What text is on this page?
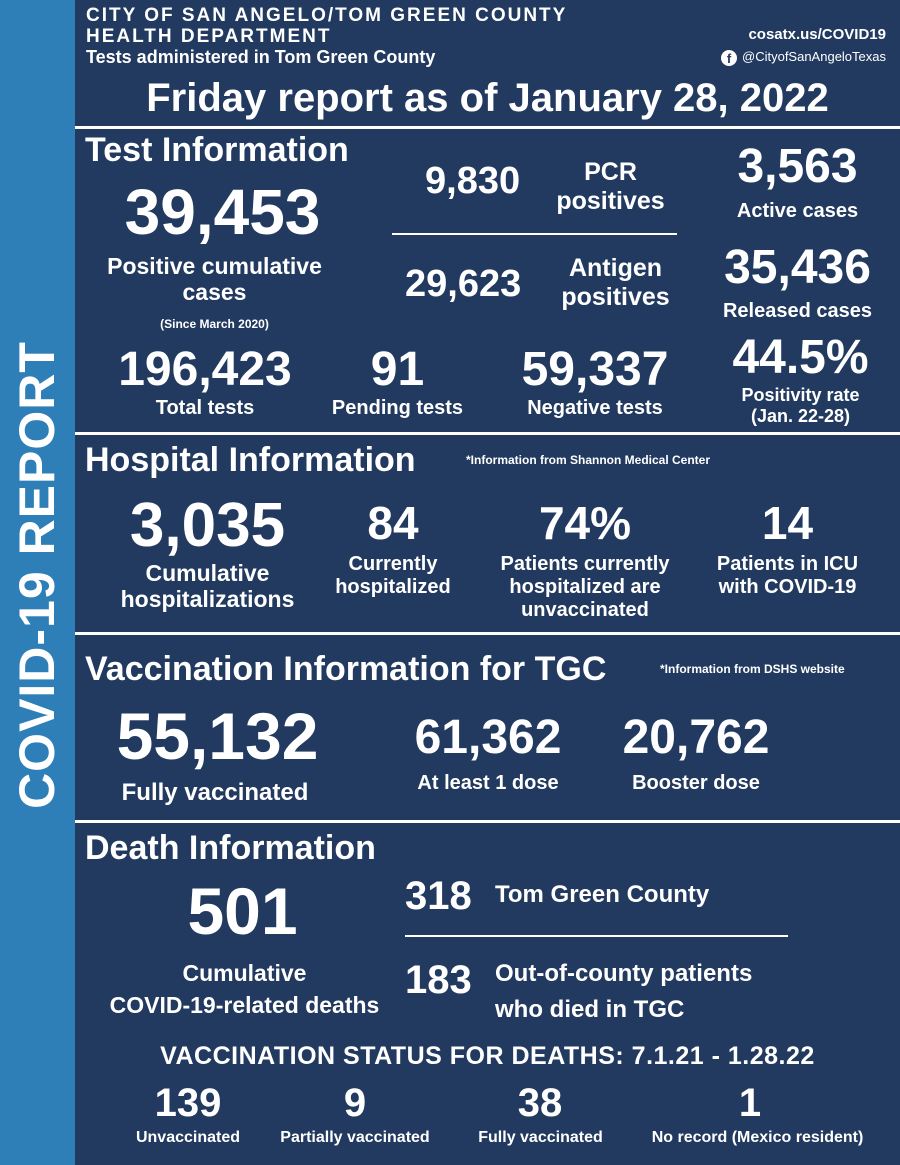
COVID-19 REPORT
CITY OF SAN ANGELO/TOM GREEN COUNTY
HEALTH DEPARTMENT
Tests administered in Tom Green County
cosatx.us/COVID19
f @CityofSanAngeloTexas
Friday report as of January 28, 2022
Test Information
39,453
Positive cumulative cases
(Since March 2020)
9,830	PCR
positives
29,623	Antigen
positives
3,563
Active cases
35,436
Released cases
196,423
Total tests
91
Pending tests
59,337
Negative tests
44.5%
Positivity rate
(Jan. 22-28)
Hospital Information	*Information from Shannon Medical Center
3,035
Cumulative
hospitalizations
84
Currently
hospitalized
74%
Patients currently
hospitalized are
unvaccinated
14
Patients in ICU
with COVID-19
Vaccination Information for TGC	*Information from DSHS website
55,132
Fully vaccinated
61,362
At least 1 dose
20,762
Booster dose
Death Information
501
Cumulative
COVID-19-related deaths
318 Tom Green County
183 Out-of-county patients
who died in TGC
VACCINATION STATUS FOR DEATHS: 7.1.21 - 1.28.22
139
Unvaccinated
9
Partially vaccinated
38
Fully vaccinated
1
No record (Mexico resident)
